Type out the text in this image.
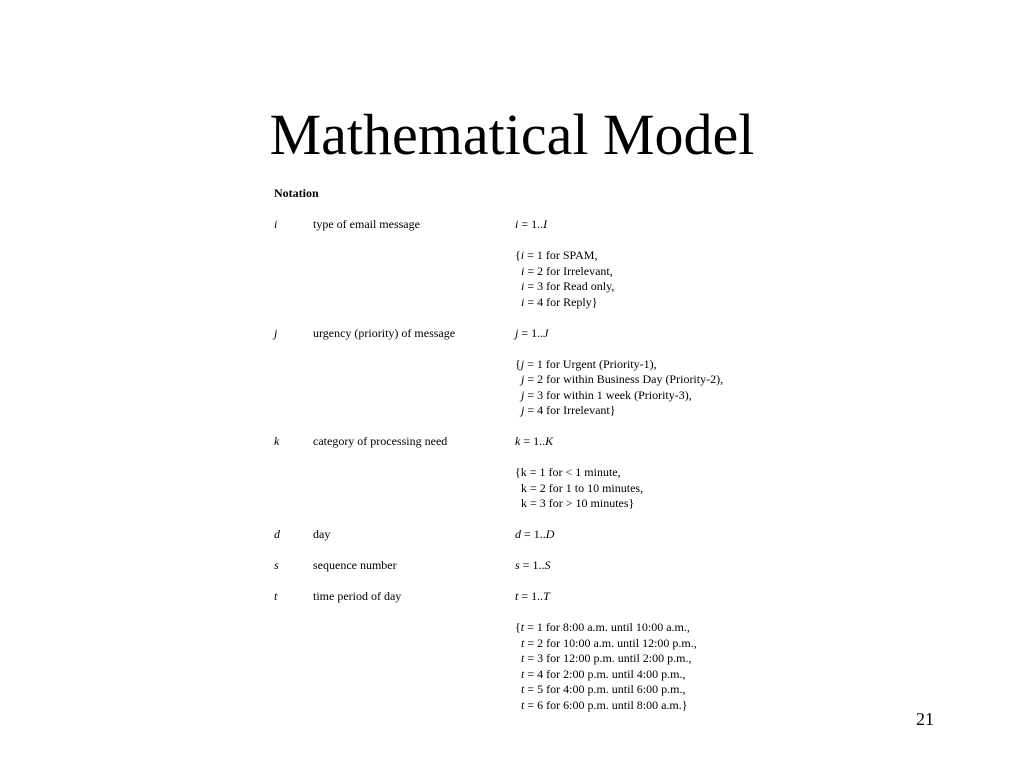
Mathematical Model
Notation
i	type of email message	i = 1..I
{i = 1 for SPAM,
i = 2 for Irrelevant,
i = 3 for Read only,
i = 4 for Reply}
j	urgency (priority) of message	j = 1..J
{j = 1 for Urgent (Priority-1),
j = 2 for within Business Day (Priority-2),
j = 3 for within 1 week (Priority-3),
j = 4 for Irrelevant}
k	category of processing need	k = 1..K
{k = 1 for < 1 minute,
k = 2 for 1 to 10 minutes,
k = 3 for > 10 minutes}
d	day	d = 1..D
s	sequence number	s = 1..S
t	time period of day	t = 1..T
{t = 1 for 8:00 a.m. until 10:00 a.m.,
t = 2 for 10:00 a.m. until 12:00 p.m.,
t = 3 for 12:00 p.m. until 2:00 p.m.,
t = 4 for 2:00 p.m. until 4:00 p.m.,
t = 5 for 4:00 p.m. until 6:00 p.m.,
t = 6 for 6:00 p.m. until 8:00 a.m.}
21
